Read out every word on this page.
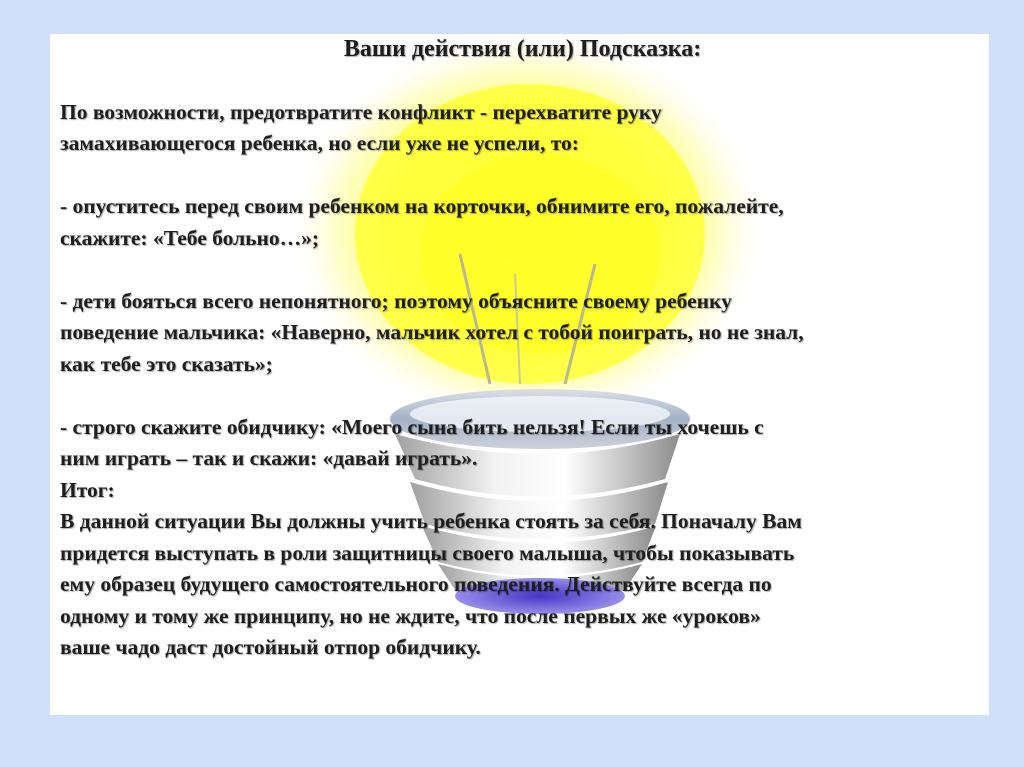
Ваши действия (или) Подсказка:

По возможности, предотвратите конфликт - перехватите руку
замахивающегося ребенка, но если уже не успели, то:

- опуститесь перед своим ребенком на корточки, обнимите его, пожалейте,
скажите: «Тебе больно…»;

- дети бояться всего непонятного; поэтому объясните своему ребенку
поведение мальчика: «Наверно, мальчик хотел с тобой поиграть, но не знал,
как тебе это сказать»;

- строго скажите обидчику: «Моего сына бить нельзя! Если ты хочешь с
ним играть – так и скажи: «давай играть».

Итог:

В данной ситуации Вы должны учить ребенка стоять за себя. Поначалу Вам
придется выступать в роли защитницы своего малыша, чтобы показывать
ему образец будущего самостоятельного поведения. Действуйте всегда по
одному и тому же принципу, но не ждите, что после первых же «уроков»
ваше чадо даст достойный отпор обидчику.
